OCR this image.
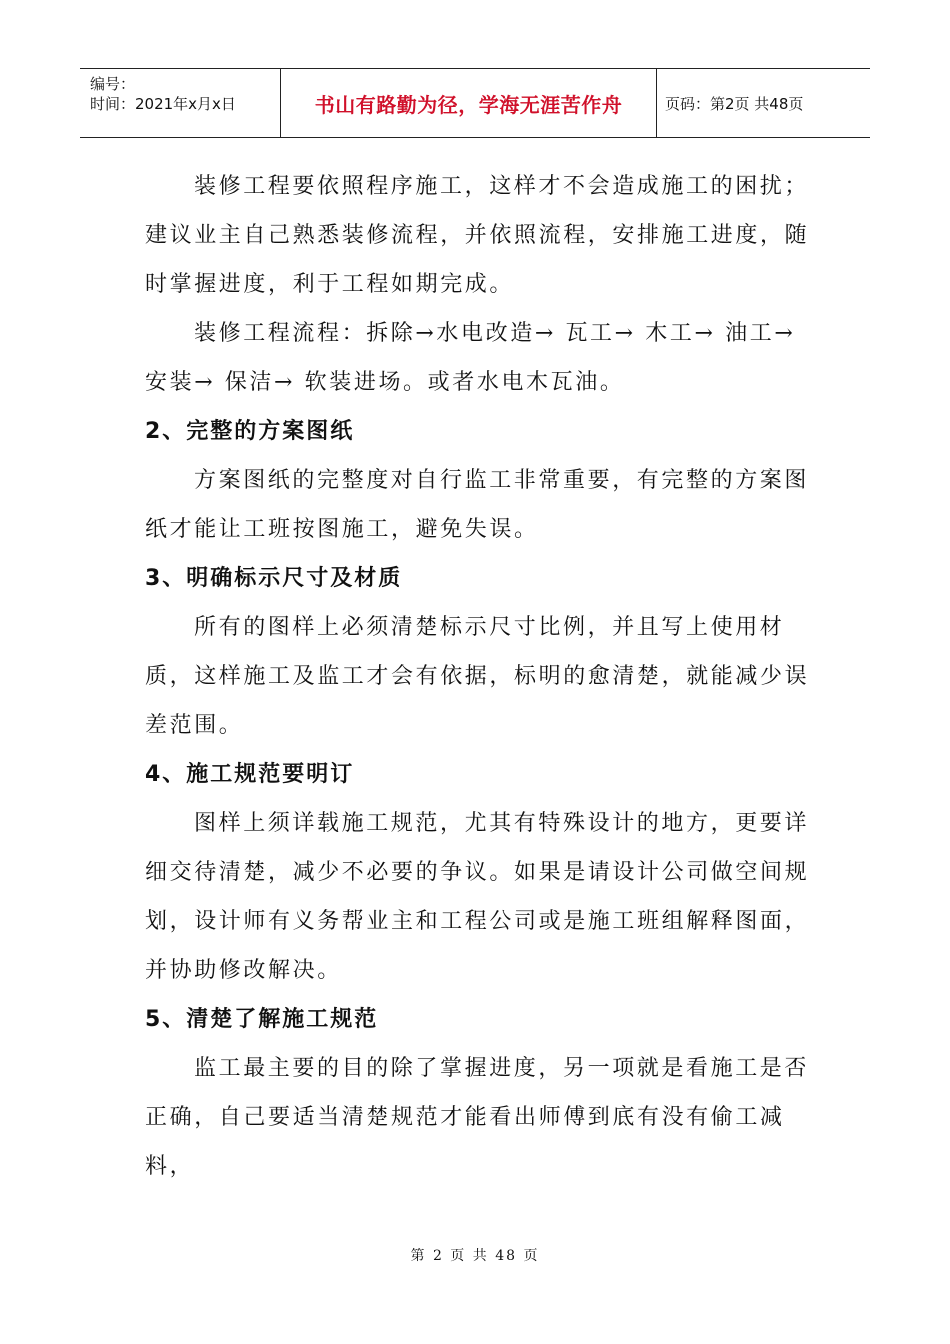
编号：
时间：2021年x月x日	书山有路勤为径，学海无涯苦作舟	页码：第2页 共48页

装修工程要依照程序施工，这样才不会造成施工的困扰；建议业主自己熟悉装修流程，并依照流程，安排施工进度，随时掌握进度，利于工程如期完成。

装修工程流程：拆除→水电改造→ 瓦工→ 木工→ 油工→ 安装→ 保洁→ 软装进场。或者水电木瓦油。

2、完整的方案图纸

方案图纸的完整度对自行监工非常重要，有完整的方案图纸才能让工班按图施工，避免失误。

3、明确标示尺寸及材质

所有的图样上必须清楚标示尺寸比例，并且写上使用材质，这样施工及监工才会有依据，标明的愈清楚，就能减少误差范围。

4、施工规范要明订

图样上须详载施工规范，尤其有特殊设计的地方，更要详细交待清楚，减少不必要的争议。如果是请设计公司做空间规划，设计师有义务帮业主和工程公司或是施工班组解释图面，并协助修改解决。

5、清楚了解施工规范

监工最主要的目的除了掌握进度，另一项就是看施工是否正确，自己要适当清楚规范才能看出师傅到底有没有偷工减料，

第 2 页 共 48 页
